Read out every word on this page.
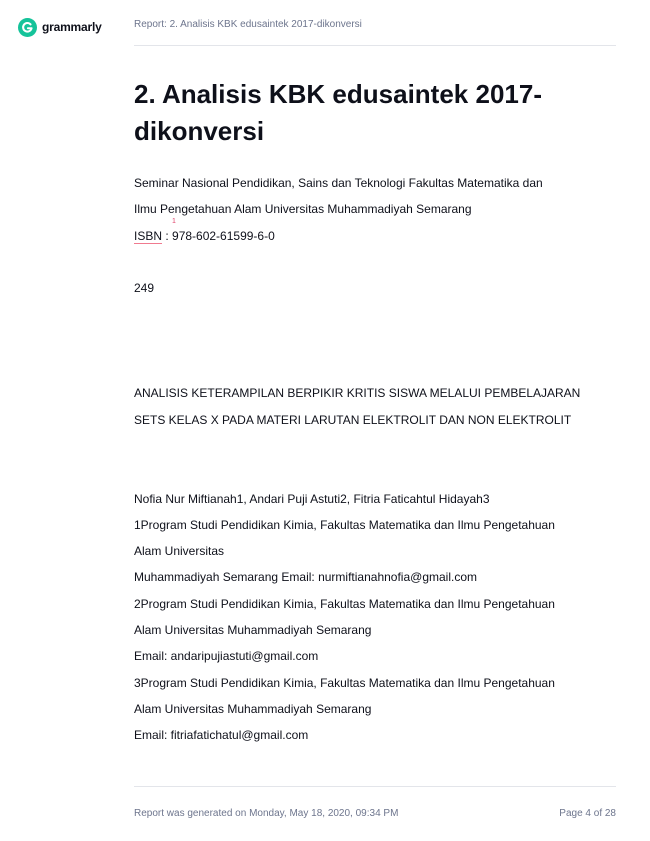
grammarly	Report: 2. Analisis KBK edusaintek 2017-dikonversi
2. Analisis KBK edusaintek 2017-dikonversi
Seminar Nasional Pendidikan, Sains dan Teknologi Fakultas Matematika dan
Ilmu Pengetahuan Alam Universitas Muhammadiyah Semarang
ISBN
1
: 978-602-61599-6-0
249
ANALISIS KETERAMPILAN BERPIKIR KRITIS SISWA MELALUI PEMBELAJARAN
SETS KELAS X PADA MATERI LARUTAN ELEKTROLIT DAN NON ELEKTROLIT
Nofia Nur Miftianah1, Andari Puji Astuti2, Fitria Faticahtul Hidayah3
1Program Studi Pendidikan Kimia, Fakultas Matematika dan Ilmu Pengetahuan
Alam Universitas
Muhammadiyah Semarang Email: nurmiftianahnofia@gmail.com
2Program Studi Pendidikan Kimia, Fakultas Matematika dan Ilmu Pengetahuan
Alam Universitas Muhammadiyah Semarang
Email: andaripujiastuti@gmail.com
3Program Studi Pendidikan Kimia, Fakultas Matematika dan Ilmu Pengetahuan
Alam Universitas Muhammadiyah Semarang
Email: fitriafatichatul@gmail.com
Report was generated on Monday, May 18, 2020, 09:34 PM	Page 4 of 28
